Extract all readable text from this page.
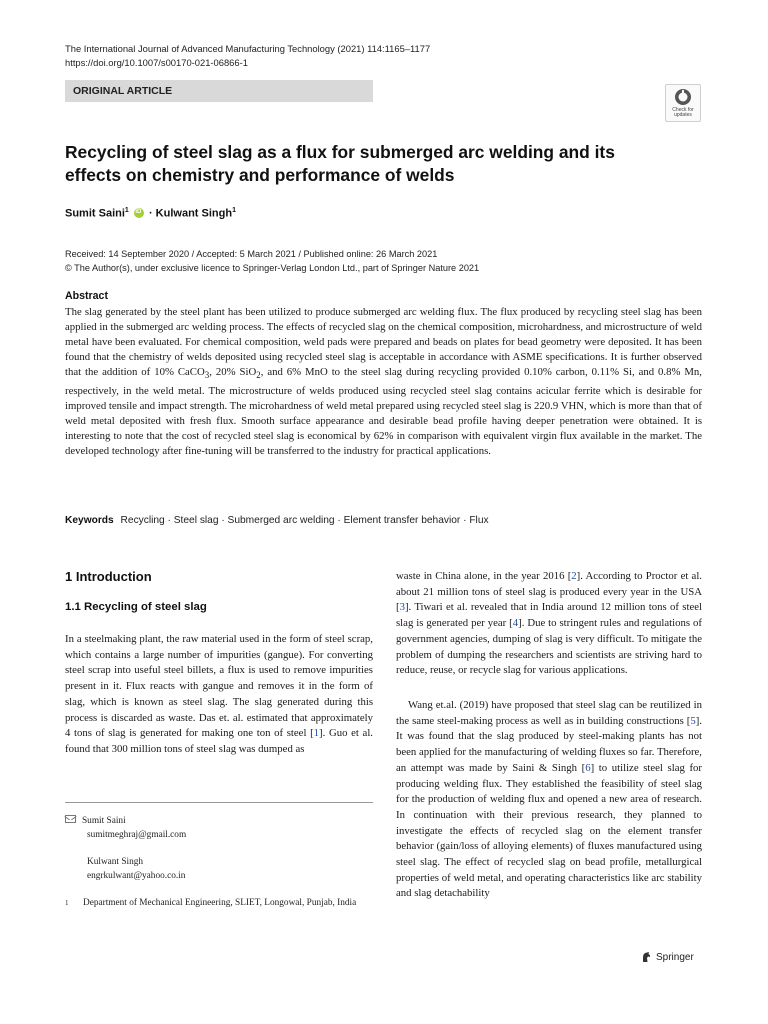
The International Journal of Advanced Manufacturing Technology (2021) 114:1165–1177
https://doi.org/10.1007/s00170-021-06866-1
ORIGINAL ARTICLE
Check for
updates
Recycling of steel slag as a flux for submerged arc welding and its effects on chemistry and performance of welds
Sumit Saini$^1$ iD · Kulwant Singh$^1$
Received: 14 September 2020 / Accepted: 5 March 2021 / Published online: 26 March 2021
© The Author(s), under exclusive licence to Springer-Verlag London Ltd., part of Springer Nature 2021
Abstract
The slag generated by the steel plant has been utilized to produce submerged arc welding flux. The flux produced by recycling steel slag has been applied in the submerged arc welding process. The effects of recycled slag on the chemical composition, microhardness, and microstructure of weld metal have been evaluated. For chemical composition, weld pads were prepared and beads on plates for bead geometry were deposited. It has been found that the chemistry of welds deposited using recycled steel slag is acceptable in accordance with ASME specifications. It is further observed that the addition of 10% CaCO$_3$, 20% SiO$_2$, and 6% MnO to the steel slag during recycling provided 0.10% carbon, 0.11% Si, and 0.8% Mn, respectively, in the weld metal. The microstructure of welds produced using recycled steel slag contains acicular ferrite which is desirable for improved tensile and impact strength. The microhardness of weld metal prepared using recycled steel slag is 220.9 VHN, which is more than that of weld metal deposited with fresh flux. Smooth surface appearance and desirable bead profile having deeper penetration were obtained. It is interesting to note that the cost of recycled steel slag is economical by 62% in comparison with equivalent virgin flux available in the market. The developed technology after fine-tuning will be transferred to the industry for practical applications.
Keywords Recycling · Steel slag · Submerged arc welding · Element transfer behavior · Flux
1 Introduction
1.1 Recycling of steel slag
In a steelmaking plant, the raw material used in the form of steel scrap, which contains a large number of impurities (gangue). For converting steel scrap into useful steel billets, a flux is used to remove impurities present in it. Flux reacts with gangue and removes it in the form of slag, which is known as steel slag. The slag generated during this process is discarded as waste. Das et. al. estimated that approximately 4 tons of slag is generated for making one ton of steel [1]. Guo et al. found that 300 million tons of steel slag was dumped as
waste in China alone, in the year 2016 [2]. According to Proctor et al. about 21 million tons of steel slag is produced every year in the USA [3]. Tiwari et al. revealed that in India around 12 million tons of steel slag is generated per year [4]. Due to stringent rules and regulations of government agencies, dumping of slag is very difficult. To mitigate the problem of dumping the researchers and scientists are striving hard to reduce, reuse, or recycle slag for various applications.
Wang et.al. (2019) have proposed that steel slag can be reutilized in the same steel-making process as well as in building constructions [5]. It was found that the slag produced by steel-making plants has not been applied for the manufacturing of welding fluxes so far. Therefore, an attempt was made by Saini & Singh [6] to utilize steel slag for producing welding flux. They established the feasibility of steel slag for the production of welding flux and opened a new area of research. In continuation with their previous research, they planned to investigate the effects of recycled slag on the element transfer behavior (gain/loss of alloying elements) of fluxes manufactured using steel slag. The effect of recycled slag on bead profile, metallurgical properties of weld metal, and operating characteristics like arc stability and slag detachability
Sumit Saini
sumitmeghraj@gmail.com
Kulwant Singh
engrkulwant@yahoo.co.in
1	Department of Mechanical Engineering, SLIET, Longowal, Punjab, India
Springer
